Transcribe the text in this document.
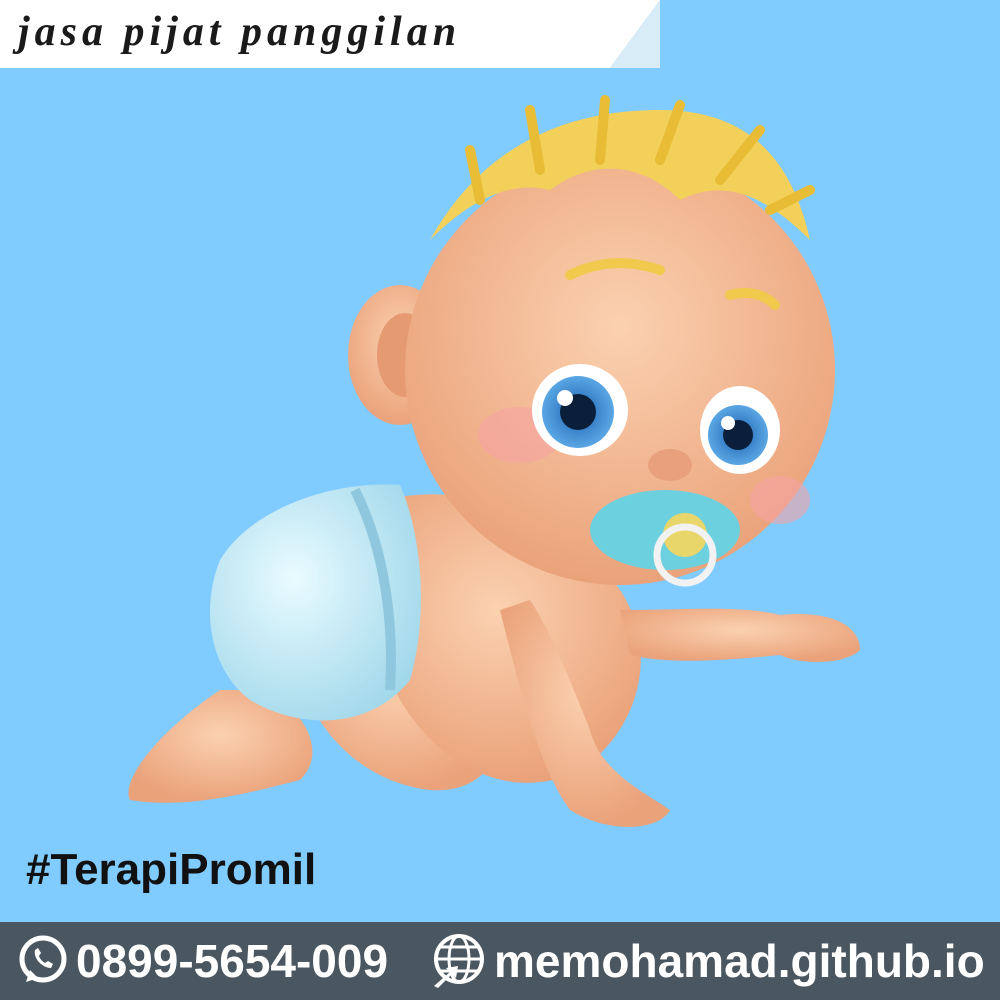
jasa pijat panggilan
#TerapiPromil
0899-5654-009 memohamad.github.io
